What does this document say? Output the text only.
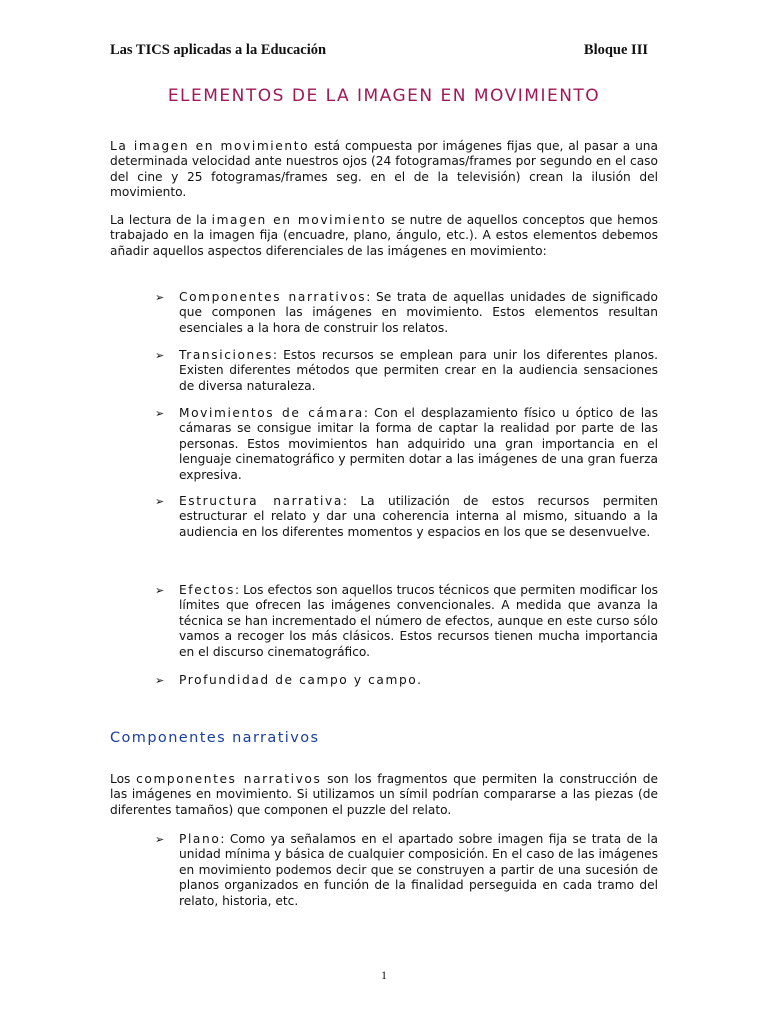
Las TICS aplicadas a la Educación	Bloque III
ELEMENTOS DE LA IMAGEN EN MOVIMIENTO
La imagen en movimiento está compuesta por imágenes fijas que, al pasar a una determinada velocidad ante nuestros ojos (24 fotogramas/frames por segundo en el caso del cine y 25 fotogramas/frames seg. en el de la televisión) crean la ilusión del movimiento.
La lectura de la imagen en movimiento se nutre de aquellos conceptos que hemos trabajado en la imagen fija (encuadre, plano, ángulo, etc.). A estos elementos debemos añadir aquellos aspectos diferenciales de las imágenes en movimiento:
➢ Componentes narrativos: Se trata de aquellas unidades de significado que componen las imágenes en movimiento. Estos elementos resultan esenciales a la hora de construir los relatos.
➢ Transiciones: Estos recursos se emplean para unir los diferentes planos. Existen diferentes métodos que permiten crear en la audiencia sensaciones de diversa naturaleza.
➢ Movimientos de cámara: Con el desplazamiento físico u óptico de las cámaras se consigue imitar la forma de captar la realidad por parte de las personas. Estos movimientos han adquirido una gran importancia en el lenguaje cinematográfico y permiten dotar a las imágenes de una gran fuerza expresiva.
➢ Estructura narrativa: La utilización de estos recursos permiten estructurar el relato y dar una coherencia interna al mismo, situando a la audiencia en los diferentes momentos y espacios en los que se desenvuelve.
➢ Efectos: Los efectos son aquellos trucos técnicos que permiten modificar los límites que ofrecen las imágenes convencionales. A medida que avanza la técnica se han incrementado el número de efectos, aunque en este curso sólo vamos a recoger los más clásicos. Estos recursos tienen mucha importancia en el discurso cinematográfico.
➢ Profundidad de campo y campo.
Componentes narrativos
Los componentes narrativos son los fragmentos que permiten la construcción de las imágenes en movimiento. Si utilizamos un símil podrían compararse a las piezas (de diferentes tamaños) que componen el puzzle del relato.
➢ Plano: Como ya señalamos en el apartado sobre imagen fija se trata de la unidad mínima y básica de cualquier composición. En el caso de las imágenes en movimiento podemos decir que se construyen a partir de una sucesión de planos organizados en función de la finalidad perseguida en cada tramo del relato, historia, etc.
1
